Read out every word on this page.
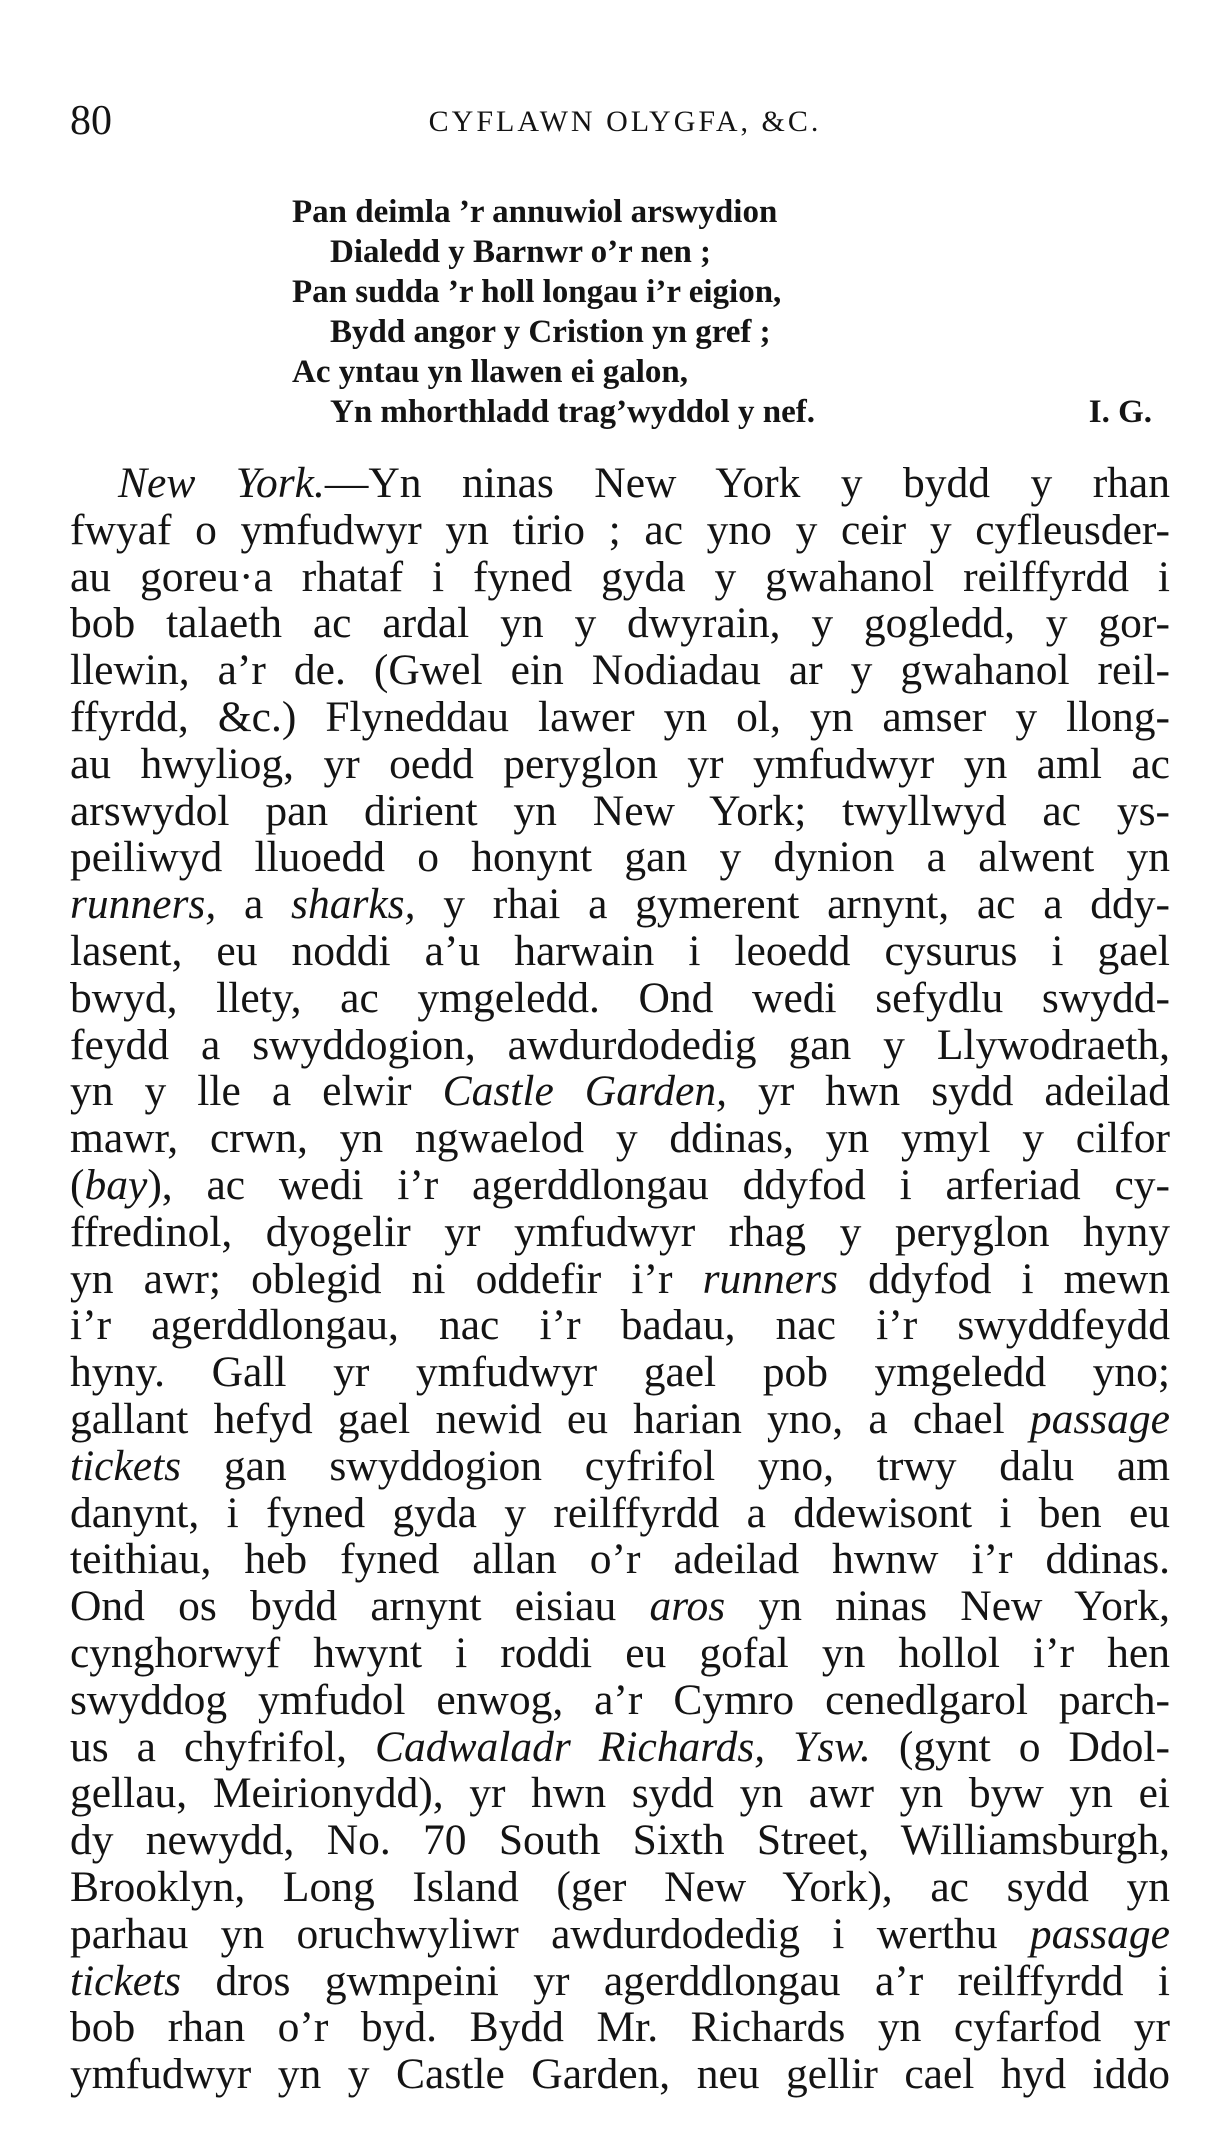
80	CYFLAWN OLYGFA, &C.
Pan deimla ’r annuwiol arswydion
Dialedd y Barnwr o’r nen ;
Pan sudda ’r holl longau i’r eigion,
Bydd angor y Cristion yn gref ;
Ac yntau yn llawen ei galon,
Yn mhorthladd trag’wyddol y nef.	I. G.
New York.—Yn ninas New York y bydd y rhan
fwyaf o ymfudwyr yn tirio ; ac yno y ceir y cyfleusder-
au goreu·a rhataf i fyned gyda y gwahanol reilffyrdd i
bob talaeth ac ardal yn y dwyrain, y gogledd, y gor-
llewin, a’r de. (Gwel ein Nodiadau ar y gwahanol reil-
ffyrdd, &c.) Flyneddau lawer yn ol, yn amser y llong-
au hwyliog, yr oedd peryglon yr ymfudwyr yn aml ac
arswydol pan dirient yn New York; twyllwyd ac ys-
peiliwyd lluoedd o honynt gan y dynion a alwent yn
runners, a sharks, y rhai a gymerent arnynt, ac a ddy-
lasent, eu noddi a’u harwain i leoedd cysurus i gael
bwyd, llety, ac ymgeledd. Ond wedi sefydlu swydd-
feydd a swyddogion, awdurdodedig gan y Llywodraeth,
yn y lle a elwir Castle Garden, yr hwn sydd adeilad
mawr, crwn, yn ngwaelod y ddinas, yn ymyl y cilfor
(bay), ac wedi i’r agerddlongau ddyfod i arferiad cy-
ffredinol, dyogelir yr ymfudwyr rhag y peryglon hyny
yn awr; oblegid ni oddefir i’r runners ddyfod i mewn
i’r agerddlongau, nac i’r badau, nac i’r swyddfeydd
hyny. Gall yr ymfudwyr gael pob ymgeledd yno;
gallant hefyd gael newid eu harian yno, a chael passage
tickets gan swyddogion cyfrifol yno, trwy dalu am
danynt, i fyned gyda y reilffyrdd a ddewisont i ben eu
teithiau, heb fyned allan o’r adeilad hwnw i’r ddinas.
Ond os bydd arnynt eisiau aros yn ninas New York,
cynghorwyf hwynt i roddi eu gofal yn hollol i’r hen
swyddog ymfudol enwog, a’r Cymro cenedlgarol parch-
us a chyfrifol, Cadwaladr Richards, Ysw. (gynt o Ddol-
gellau, Meirionydd), yr hwn sydd yn awr yn byw yn ei
dy newydd, No. 70 South Sixth Street, Williamsburgh,
Brooklyn, Long Island (ger New York), ac sydd yn
parhau yn oruchwyliwr awdurdodedig i werthu passage
tickets dros gwmpeini yr agerddlongau a’r reilffyrdd i
bob rhan o’r byd. Bydd Mr. Richards yn cyfarfod yr
ymfudwyr yn y Castle Garden, neu gellir cael hyd iddo
